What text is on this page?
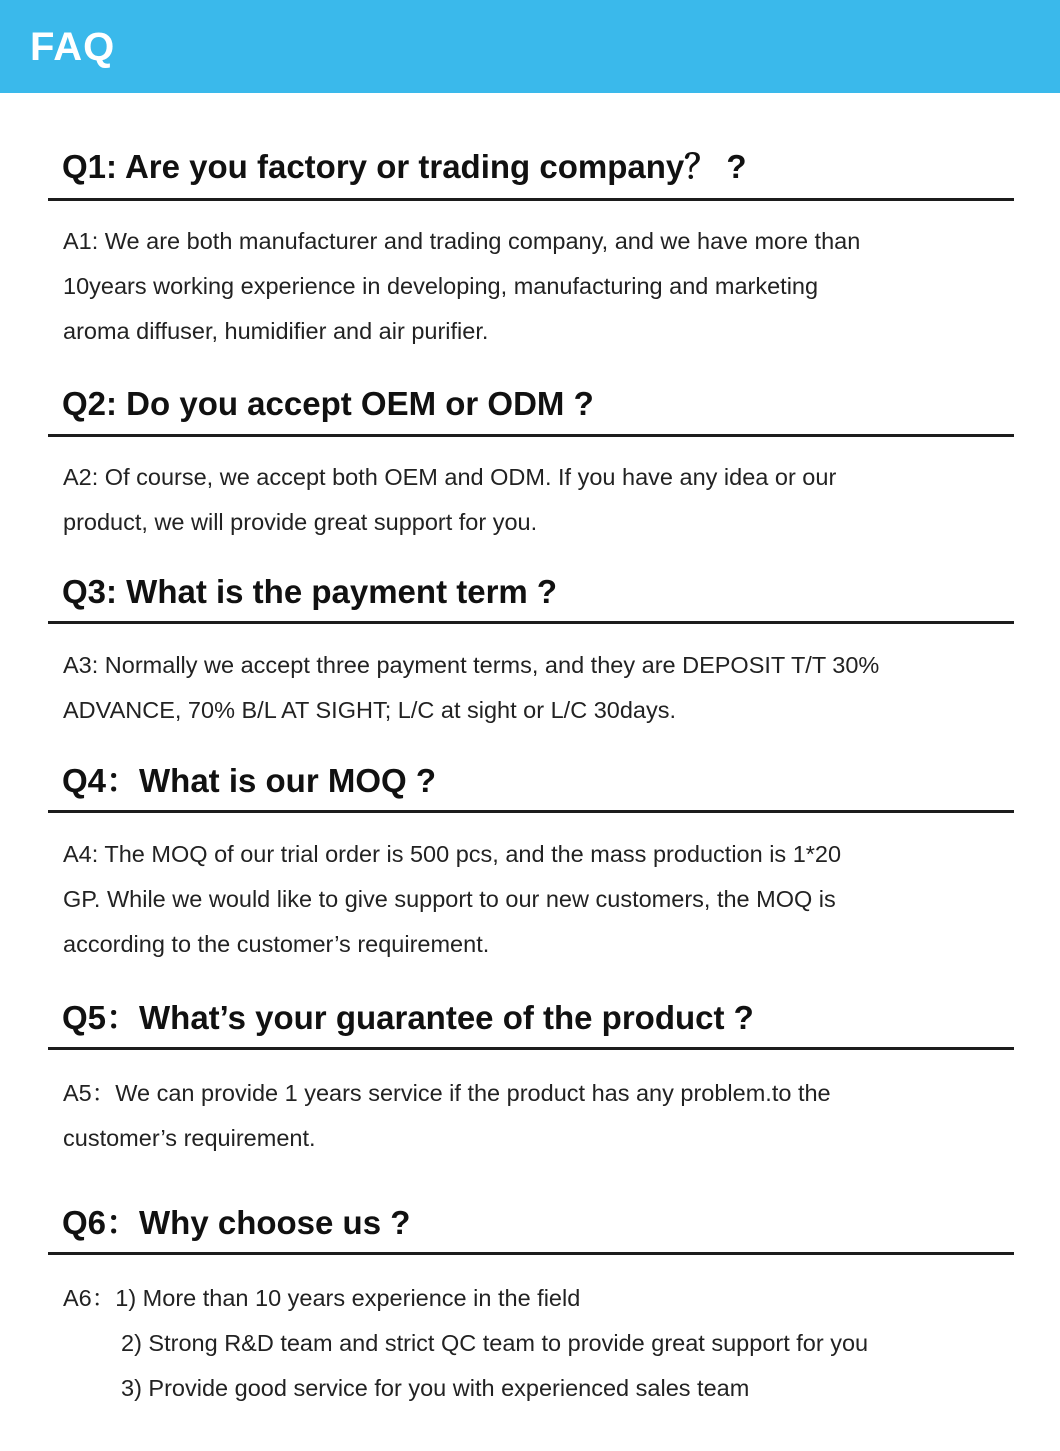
FAQ
Q1: Are you factory or trading company？ ?

A1: We are both manufacturer and trading company, and we have more than

10years working experience in developing, manufacturing and marketing

aroma diffuser, humidifier and air purifier.

Q2: Do you accept OEM or ODM ?

A2: Of course, we accept both OEM and ODM. If you have any idea or our

product, we will provide great support for you.

Q3: What is the payment term ?

A3: Normally we accept three payment terms, and they are DEPOSIT T/T 30%

ADVANCE, 70% B/L AT SIGHT; L/C at sight or L/C 30days.

Q4：What is our MOQ ?

A4: The MOQ of our trial order is 500 pcs, and the mass production is 1*20

GP. While we would like to give support to our new customers, the MOQ is

according to the customer’s requirement.

Q5：What’s your guarantee of the product ?

A5：We can provide 1 years service if the product has any problem.to the

customer’s requirement.

Q6：Why choose us ?

A6：1) More than 10 years experience in the field

2) Strong R&D team and strict QC team to provide great support for you

3) Provide good service for you with experienced sales team
